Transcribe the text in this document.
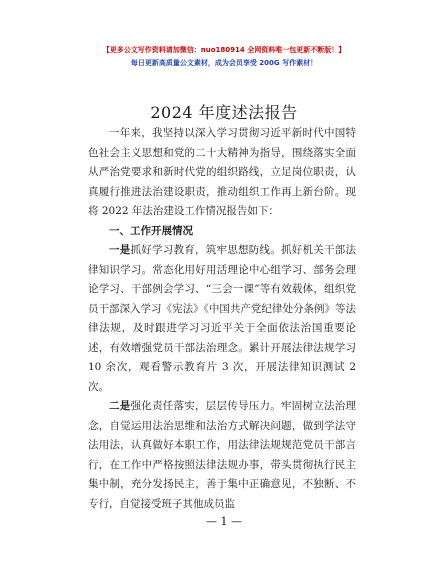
【更多公文写作资料请加微信：nuo180914 全网资料唯一包更新不断版！】
每日更新高质量公文素材，成为会员享受 200G 写作素材！
2024 年度述法报告

一年来，我坚持以深入学习贯彻习近平新时代中国特色社会主义思想和党的二十大精神为指导，围绕落实全面从严治党要求和新时代党的组织路线，立足岗位职责，认真履行推进法治建设职责，推动组织工作再上新台阶。现将 2022 年法治建设工作情况报告如下：

一、工作开展情况

一是抓好学习教育，筑牢思想防线。抓好机关干部法律知识学习。常态化用好用活理论中心组学习、部务会理论学习、干部例会学习、“三会一课”等有效载体，组织党员干部深入学习《宪法》《中国共产党纪律处分条例》等法律法规，及时跟进学习习近平关于全面依法治国重要论述，有效增强党员干部法治理念。累计开展法律法规学习 10 余次，观看警示教育片 3 次，开展法律知识测试 2 次。

二是强化责任落实，层层传导压力。牢固树立法治理念，自觉运用法治思维和法治方式解决问题，做到学法守法用法，认真做好本职工作，用法律法规规范党员干部言行，在工作中严格按照法律法规办事，带头贯彻执行民主集中制，充分发扬民主，善于集中正确意见，不独断、不专行，自觉接受班子其他成员监

— 1 —
